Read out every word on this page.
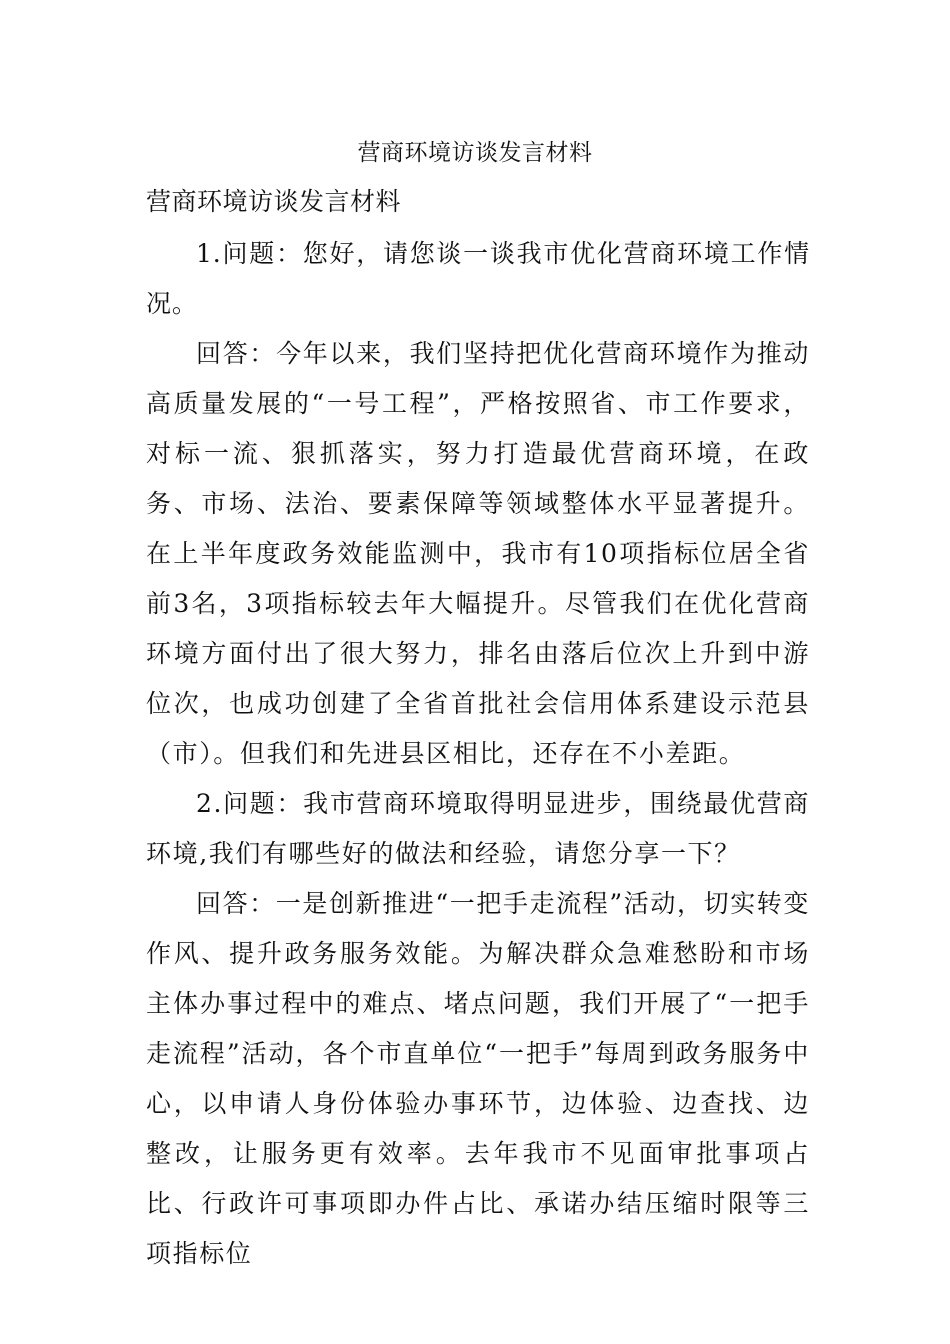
营商环境访谈发言材料
营商环境访谈发言材料

1.问题：您好，请您谈一谈我市优化营商环境工作情况。

回答：今年以来，我们坚持把优化营商环境作为推动高质量发展的“一号工程”，严格按照省、市工作要求，对标一流、狠抓落实，努力打造最优营商环境，在政务、市场、法治、要素保障等领域整体水平显著提升。在上半年度政务效能监测中，我市有10项指标位居全省前3名，3项指标较去年大幅提升。尽管我们在优化营商环境方面付出了很大努力，排名由落后位次上升到中游位次，也成功创建了全省首批社会信用体系建设示范县（市）。但我们和先进县区相比，还存在不小差距。

2.问题：我市营商环境取得明显进步，围绕最优营商环境,我们有哪些好的做法和经验，请您分享一下？

回答：一是创新推进“一把手走流程”活动，切实转变作风、提升政务服务效能。为解决群众急难愁盼和市场主体办事过程中的难点、堵点问题，我们开展了“一把手走流程”活动，各个市直单位“一把手”每周到政务服务中心，以申请人身份体验办事环节，边体验、边查找、边整改，让服务更有效率。去年我市不见面审批事项占比、行政许可事项即办件占比、承诺办结压缩时限等三项指标位
